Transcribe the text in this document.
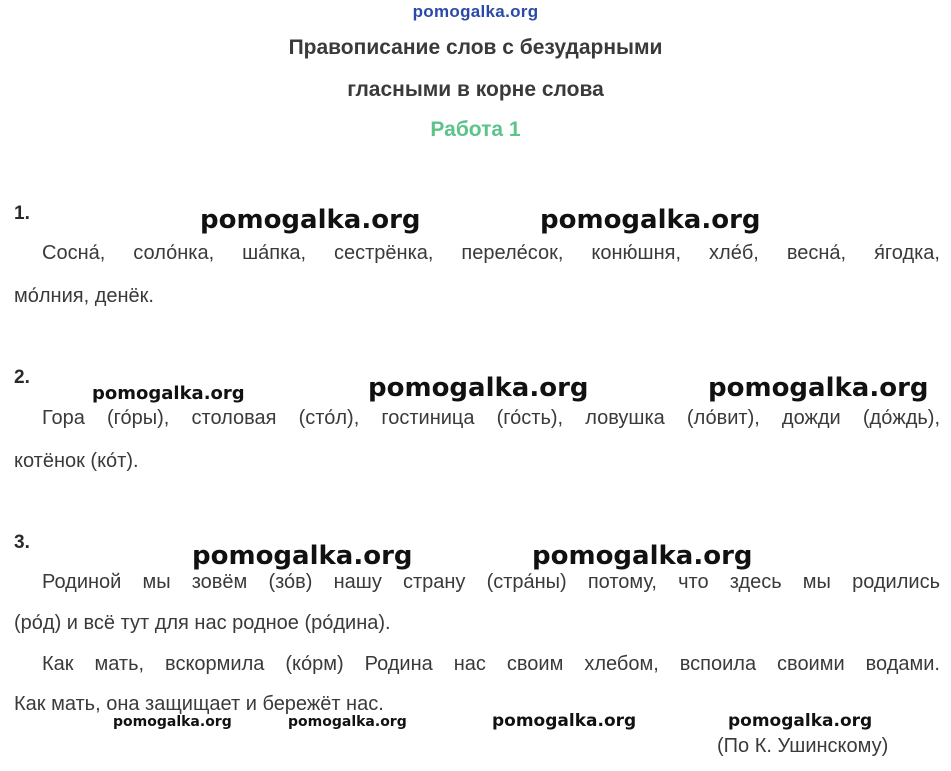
pomogalka.org
Правописание слов с безударными
гласными в корне слова
Работа 1
1.	pomogalka.org	pomogalka.org
Сосна́, соло́нка, ша́пка, сестрёнка, переле́сок, коню́шня, хле́б, весна́, я́годка,
мо́лния, денёк.
2.
pomogalka.org	pomogalka.org	pomogalka.org
Гора (го́ры), столовая (сто́л), гостиница (го́сть), ловушка (ло́вит), дожди (до́ждь),
котёнок (ко́т).
3.	pomogalka.org	pomogalka.org
Родиной мы зовём (зо́в) нашу страну (стра́ны) потому, что здесь мы родились
(ро́д) и всё тут для нас родное (ро́дина).
Как мать, вскормила (ко́рм) Родина нас своим хлебом, вспоила своими водами.
Как мать, она защищает и бережёт нас.
pomogalka.org	pomogalka.org	pomogalka.org	pomogalka.org
(По К. Ушинскому)
